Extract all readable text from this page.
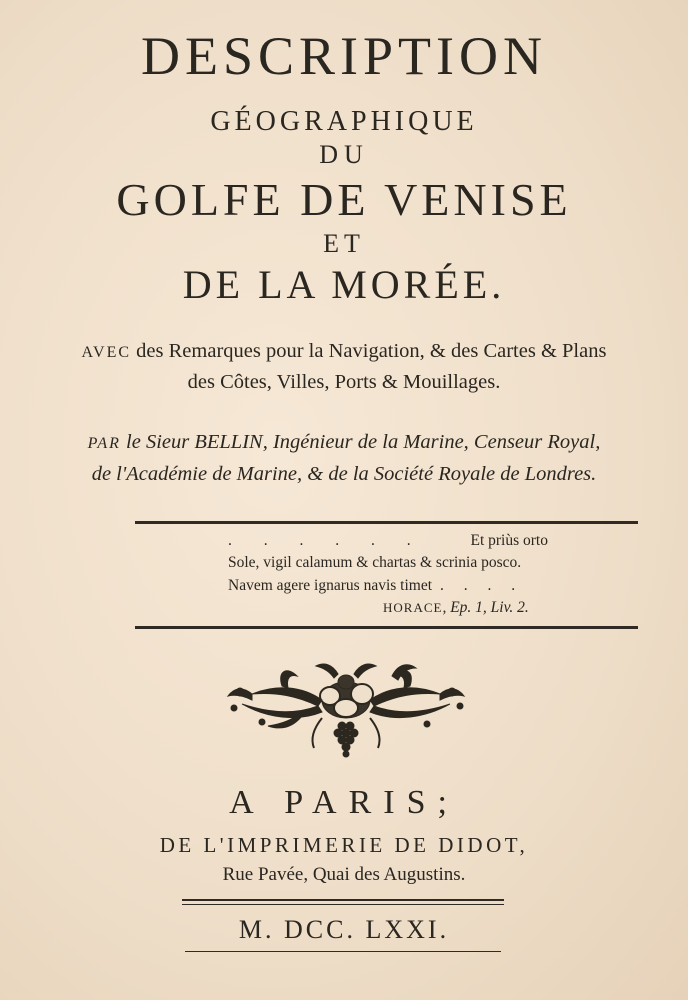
DESCRIPTION
GÉOGRAPHIQUE
DU
GOLFE DE VENISE
ET
DE LA MORÉE.
AVEC des Remarques pour la Navigation, & des Cartes & Plans
des Côtes, Villes, Ports & Mouillages.
PAR le Sieur BELLIN, Ingénieur de la Marine, Censeur Royal,
de l'Académie de Marine, & de la Société Royale de Londres.
. . . . . .	Et priùs orto
Sole, vigil calamum & chartas & scrinia posco.
Navem agere ignarus navis timet . . . .
HORACE, Ep. 1, Liv. 2.
A PARIS;
DE L'IMPRIMERIE DE DIDOT,
Rue Pavée, Quai des Augustins.
M. DCC. LXXI.
